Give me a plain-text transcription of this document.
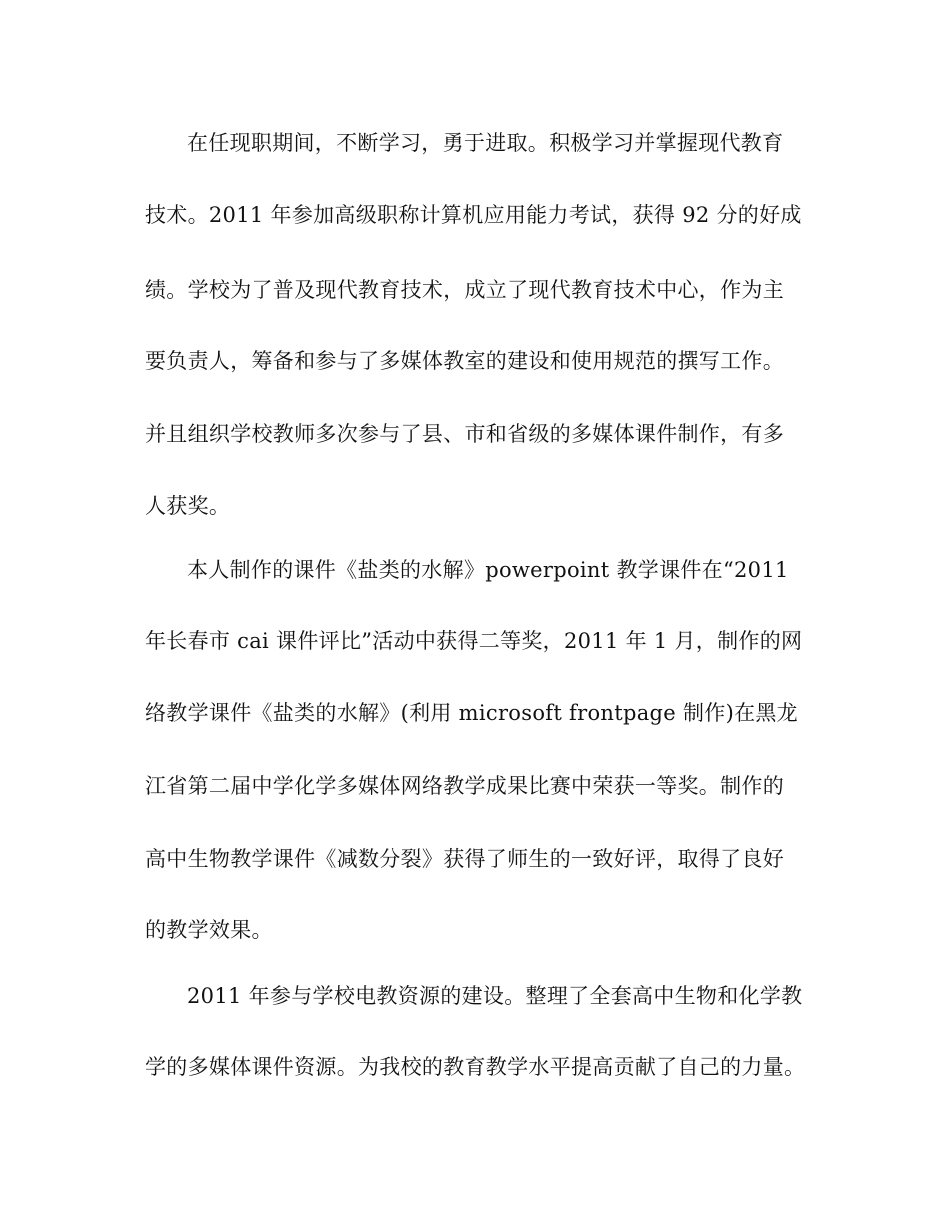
在任现职期间，不断学习，勇于进取。积极学习并掌握现代教育
技术。2011 年参加高级职称计算机应用能力考试，获得 92 分的好成
绩。学校为了普及现代教育技术，成立了现代教育技术中心，作为主
要负责人，筹备和参与了多媒体教室的建设和使用规范的撰写工作。
并且组织学校教师多次参与了县、市和省级的多媒体课件制作，有多
人获奖。
本人制作的课件《盐类的水解》powerpoint 教学课件在“2011
年长春市 cai 课件评比”活动中获得二等奖，2011 年 1 月，制作的网
络教学课件《盐类的水解》(利用 microsoft frontpage 制作)在黑龙
江省第二届中学化学多媒体网络教学成果比赛中荣获一等奖。制作的
高中生物教学课件《减数分裂》获得了师生的一致好评，取得了良好
的教学效果。
2011 年参与学校电教资源的建设。整理了全套高中生物和化学教
学的多媒体课件资源。为我校的教育教学水平提高贡献了自己的力量。
